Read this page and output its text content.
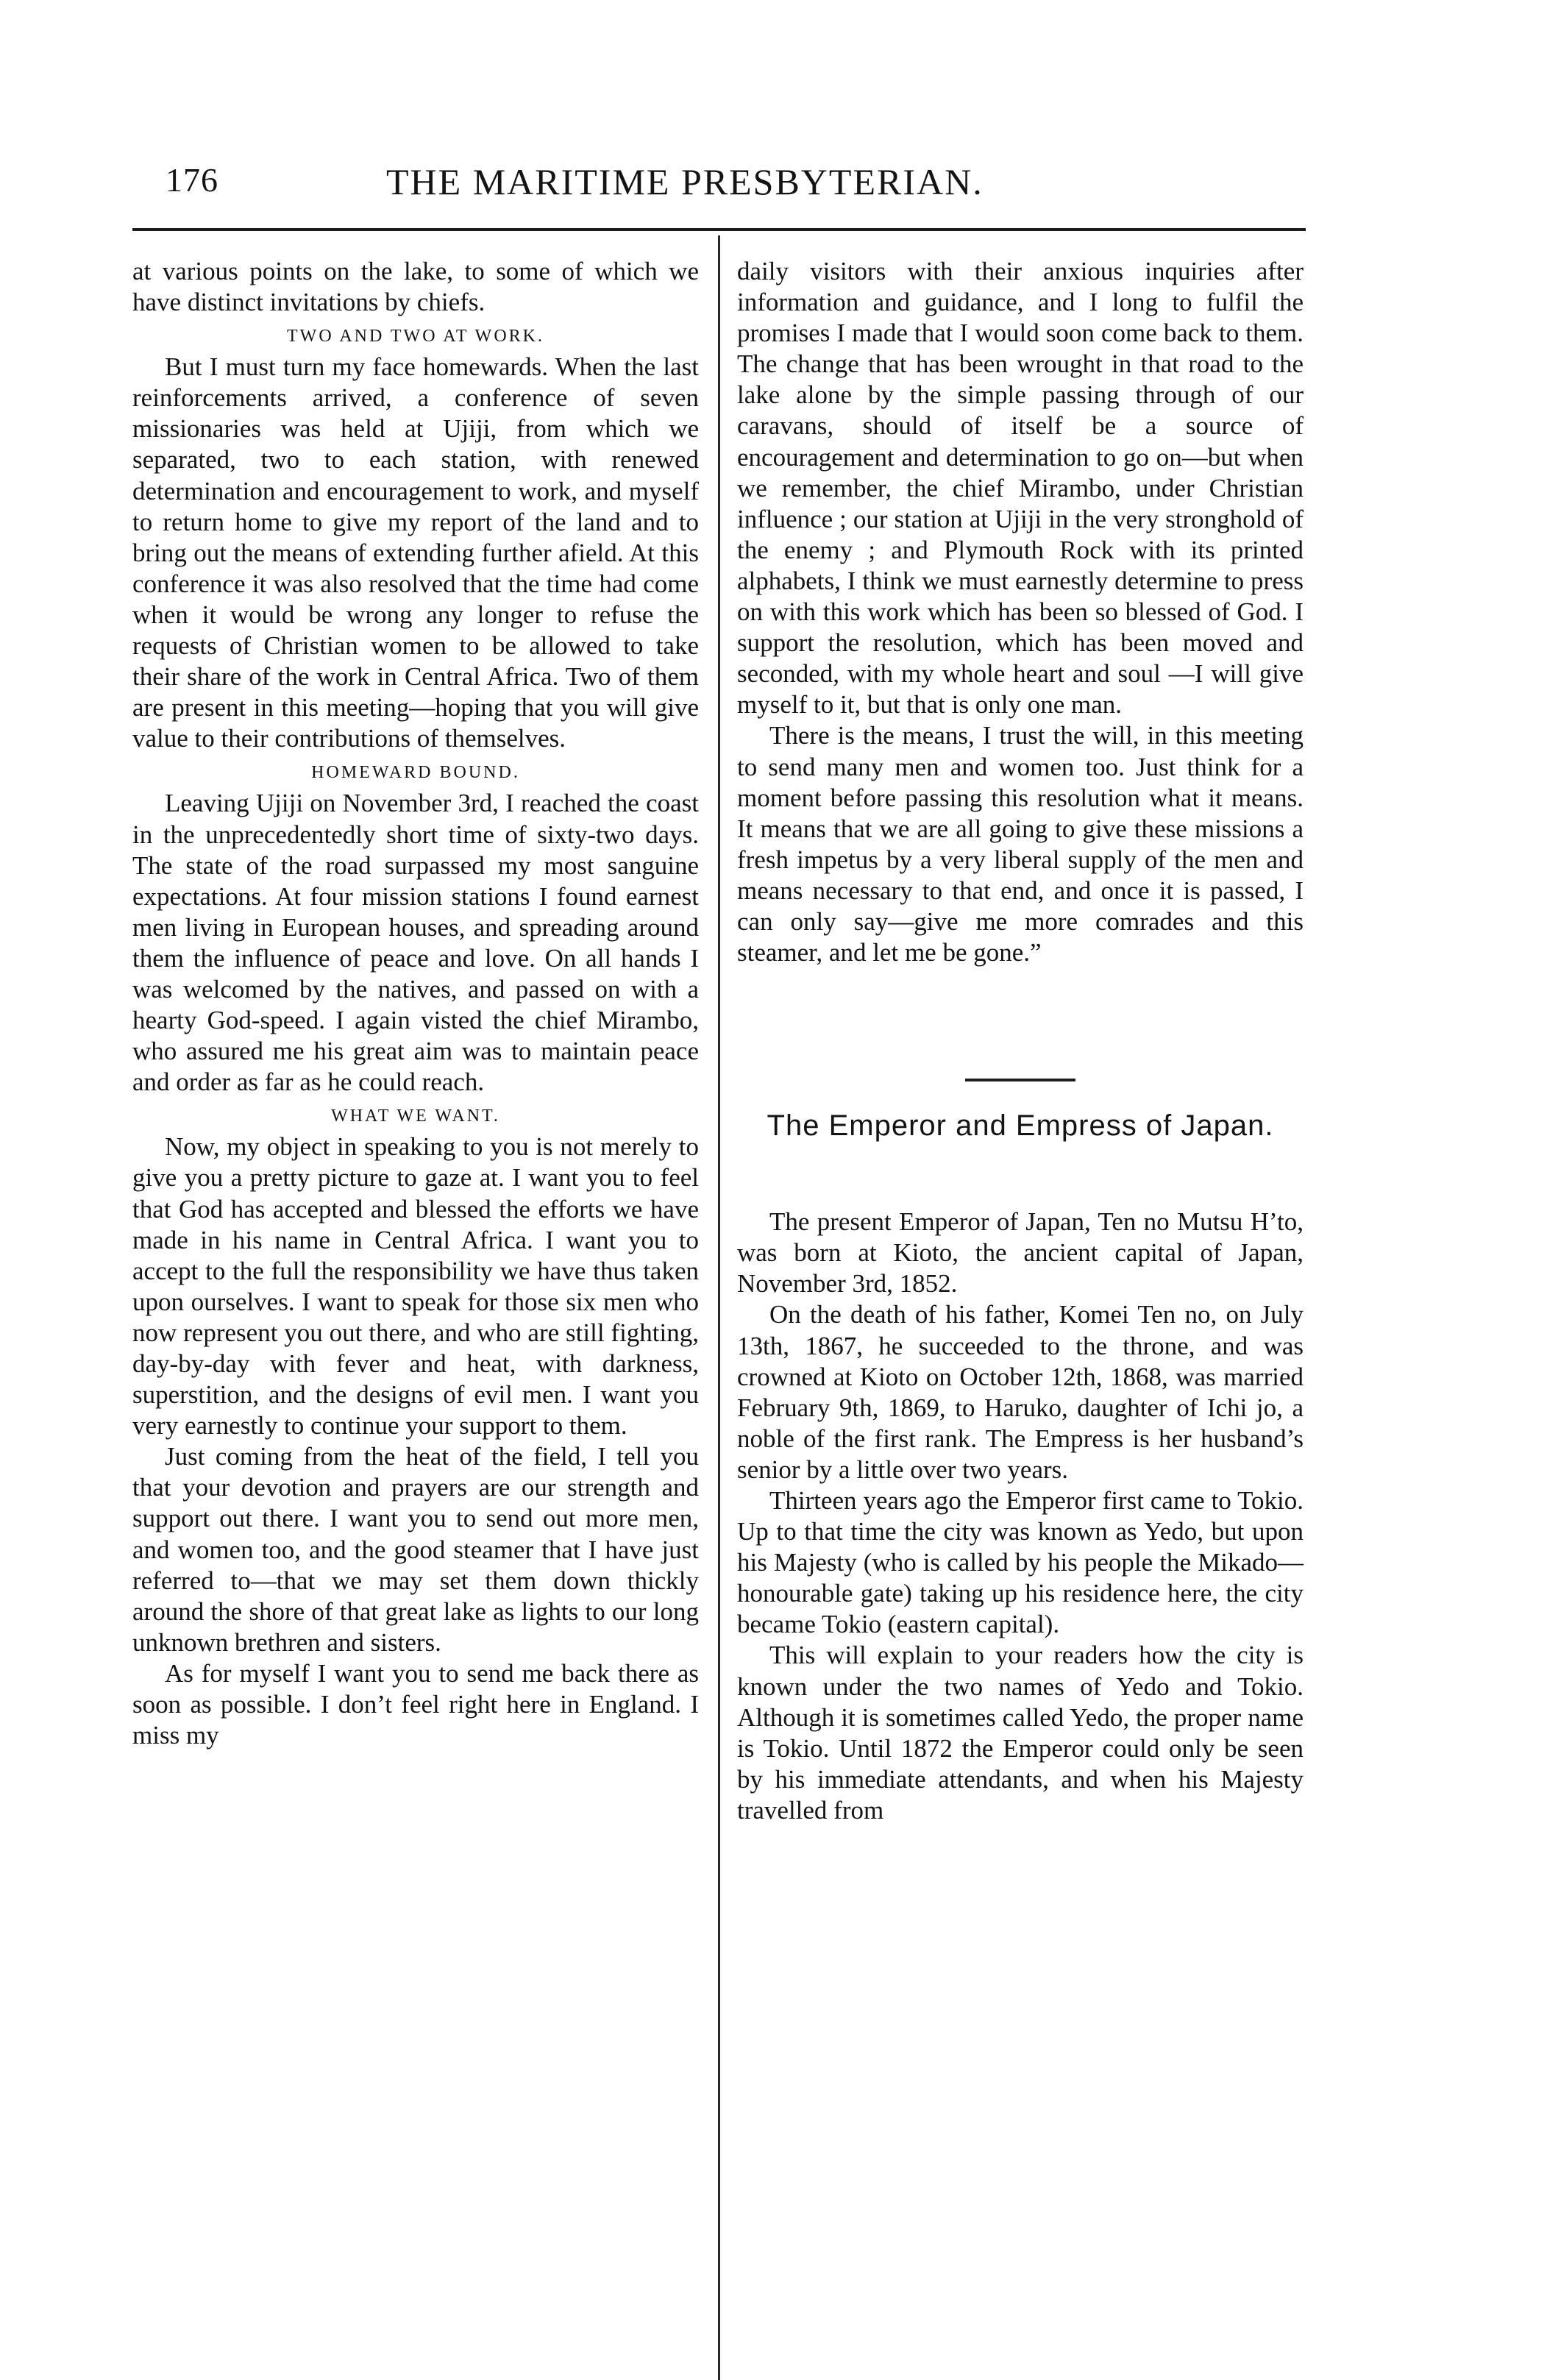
176	THE MARITIME PRESBYTERIAN.

at various points on the lake, to some of which we have distinct invitations by chiefs.

TWO AND TWO AT WORK.

But I must turn my face homewards. When the last reinforcements arrived, a conference of seven missionaries was held at Ujiji, from which we separated, two to each station, with renewed determination and encouragement to work, and myself to return home to give my report of the land and to bring out the means of extending further afield. At this conference it was also resolved that the time had come when it would be wrong any longer to refuse the requests of Christian women to be allowed to take their share of the work in Central Africa. Two of them are present in this meeting—hoping that you will give value to their contributions of themselves.

HOMEWARD BOUND.

Leaving Ujiji on November 3rd, I reached the coast in the unprecedentedly short time of sixty-two days. The state of the road surpassed my most sanguine expectations. At four mission stations I found earnest men living in European houses, and spreading around them the influence of peace and love. On all hands I was welcomed by the natives, and passed on with a hearty God-speed. I again visted the chief Mirambo, who assured me his great aim was to maintain peace and order as far as he could reach.

WHAT WE WANT.

Now, my object in speaking to you is not merely to give you a pretty picture to gaze at. I want you to feel that God has accepted and blessed the efforts we have made in his name in Central Africa. I want you to accept to the full the responsibility we have thus taken upon ourselves. I want to speak for those six men who now represent you out there, and who are still fighting, day-by-day with fever and heat, with darkness, superstition, and the designs of evil men. I want you very earnestly to continue your support to them.

Just coming from the heat of the field, I tell you that your devotion and prayers are our strength and support out there. I want you to send out more men, and women too, and the good steamer that I have just referred to—that we may set them down thickly around the shore of that great lake as lights to our long unknown brethren and sisters.

As for myself I want you to send me back there as soon as possible. I don’t feel right here in England. I miss my

daily visitors with their anxious inquiries after information and guidance, and I long to fulfil the promises I made that I would soon come back to them. The change that has been wrought in that road to the lake alone by the simple passing through of our caravans, should of itself be a source of encouragement and determination to go on—but when we remember, the chief Mirambo, under Christian influence ; our station at Ujiji in the very stronghold of the enemy ; and Plymouth Rock with its printed alphabets, I think we must earnestly determine to press on with this work which has been so blessed of God. I support the resolution, which has been moved and seconded, with my whole heart and soul —I will give myself to it, but that is only one man.

There is the means, I trust the will, in this meeting to send many men and women too. Just think for a moment before passing this resolution what it means. It means that we are all going to give these missions a fresh impetus by a very liberal supply of the men and means necessary to that end, and once it is passed, I can only say—give me more comrades and this steamer, and let me be gone.”

The Emperor and Empress of Japan.

The present Emperor of Japan, Ten no Mutsu H’to, was born at Kioto, the ancient capital of Japan, November 3rd, 1852.

On the death of his father, Komei Ten no, on July 13th, 1867, he succeeded to the throne, and was crowned at Kioto on October 12th, 1868, was married February 9th, 1869, to Haruko, daughter of Ichi jo, a noble of the first rank. The Empress is her husband’s senior by a little over two years.

Thirteen years ago the Emperor first came to Tokio. Up to that time the city was known as Yedo, but upon his Majesty (who is called by his people the Mikado—honourable gate) taking up his residence here, the city became Tokio (eastern capital).

This will explain to your readers how the city is known under the two names of Yedo and Tokio. Although it is sometimes called Yedo, the proper name is Tokio. Until 1872 the Emperor could only be seen by his immediate attendants, and when his Majesty travelled from
